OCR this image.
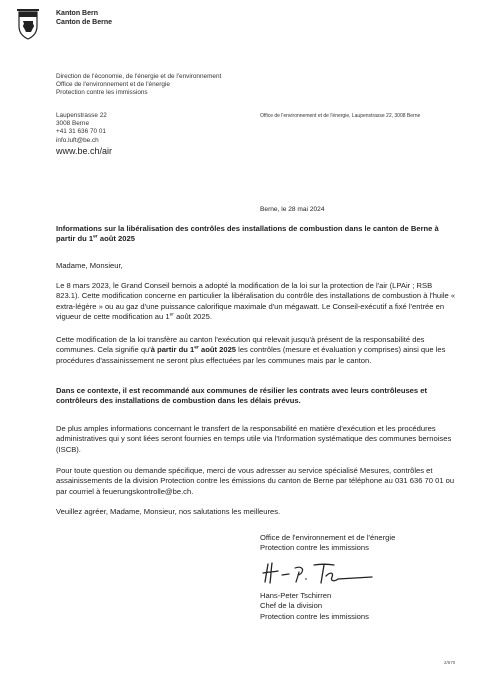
Kanton Bern
Canton de Berne
Direction de l'économie, de l'énergie et de l'environnement
Office de l'environnement et de l'énergie
Protection contre les immissions
Laupenstrasse 22
3008 Berne
+41 31 636 70 01
info.luft@be.ch
www.be.ch/air
Office de l'environnement et de l'énergie, Laupenstrasse 22, 3008 Berne
Berne, le 28 mai 2024
Informations sur la libéralisation des contrôles des installations de combustion dans le canton de Berne à partir du 1er août 2025
Madame, Monsieur,
Le 8 mars 2023, le Grand Conseil bernois a adopté la modification de la loi sur la protection de l'air (LPAir ; RSB 823.1). Cette modification concerne en particulier la libéralisation du contrôle des installations de combustion à l'huile « extra-légère » ou au gaz d'une puissance calorifique maximale d'un mégawatt. Le Conseil-exécutif a fixé l'entrée en vigueur de cette modification au 1er août 2025.
Cette modification de la loi transfère au canton l'exécution qui relevait jusqu'à présent de la responsabilité des communes. Cela signifie qu'à partir du 1er août 2025 les contrôles (mesure et évaluation y comprises) ainsi que les procédures d'assainissement ne seront plus effectuées par les communes mais par le canton.
Dans ce contexte, il est recommandé aux communes de résilier les contrats avec leurs contrôleuses et contrôleurs des installations de combustion dans les délais prévus.
De plus amples informations concernant le transfert de la responsabilité en matière d'exécution et les procédures administratives qui y sont liées seront fournies en temps utile via l'Information systématique des communes bernoises (ISCB).
Pour toute question ou demande spécifique, merci de vous adresser au service spécialisé Mesures, contrôles et assainissements de la division Protection contre les émissions du canton de Berne par téléphone au 031 636 70 01 ou par courriel à feuerungskontrolle@be.ch.
Veuillez agréer, Madame, Monsieur, nos salutations les meilleures.
Office de l'environnement et de l'énergie
Protection contre les immissions
Hans-Peter Tschirren
Chef de la division
Protection contre les immissions
2/670
